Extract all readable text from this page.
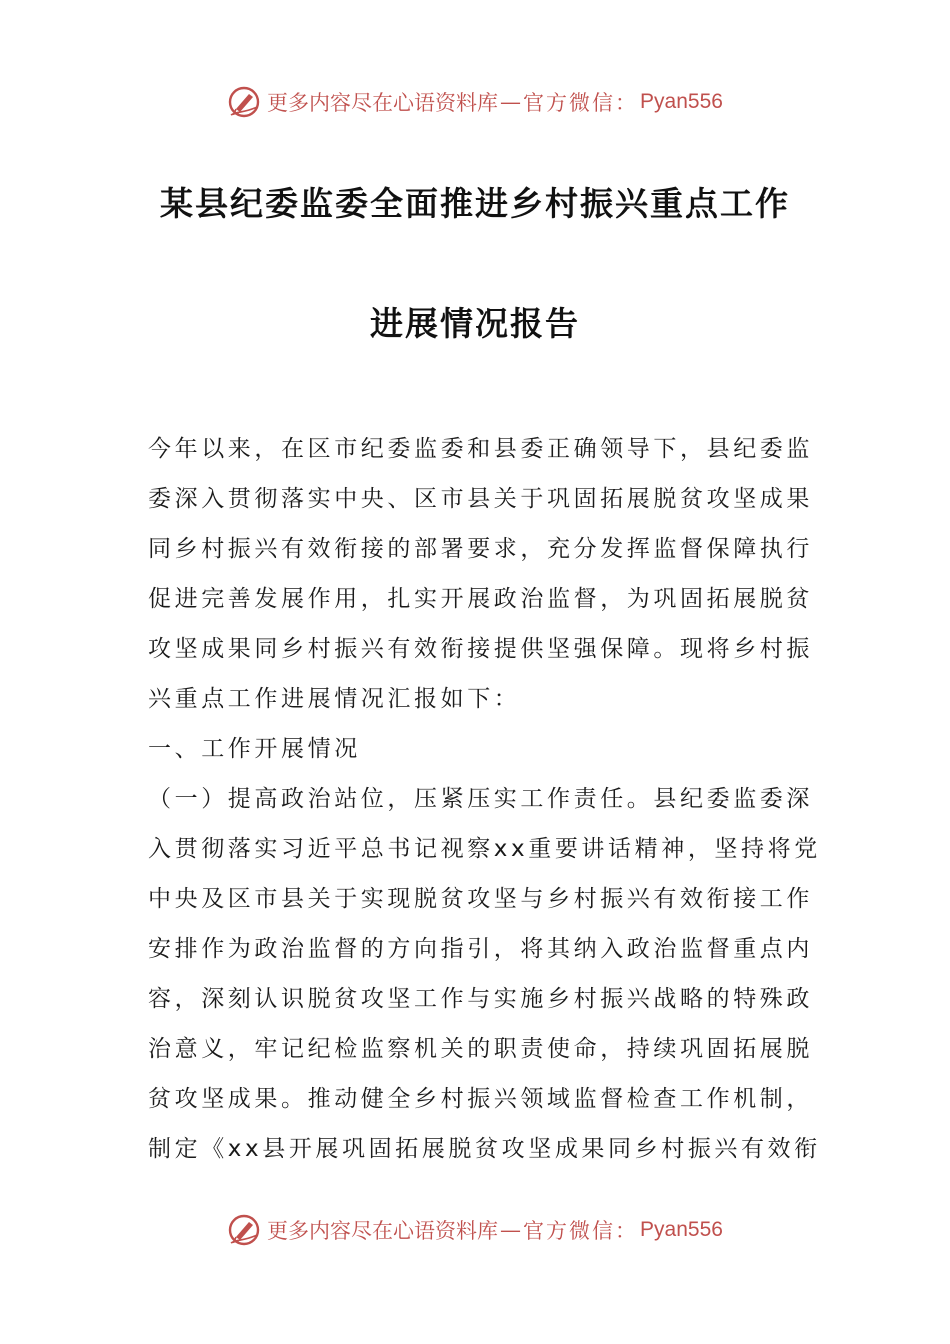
更多内容尽在心语资料库 — 官方微信： Pyan556
某县纪委监委全面推进乡村振兴重点工作
进展情况报告
今年以来，在区市纪委监委和县委正确领导下，县纪委监
委深入贯彻落实中央、区市县关于巩固拓展脱贫攻坚成果
同乡村振兴有效衔接的部署要求，充分发挥监督保障执行
促进完善发展作用，扎实开展政治监督，为巩固拓展脱贫
攻坚成果同乡村振兴有效衔接提供坚强保障。现将乡村振
兴重点工作进展情况汇报如下：
一、工作开展情况
（一）提高政治站位，压紧压实工作责任。县纪委监委深
入贯彻落实习近平总书记视察xx重要讲话精神，坚持将党
中央及区市县关于实现脱贫攻坚与乡村振兴有效衔接工作
安排作为政治监督的方向指引，将其纳入政治监督重点内
容，深刻认识脱贫攻坚工作与实施乡村振兴战略的特殊政
治意义，牢记纪检监察机关的职责使命，持续巩固拓展脱
贫攻坚成果。推动健全乡村振兴领域监督检查工作机制，
制定《xx县开展巩固拓展脱贫攻坚成果同乡村振兴有效衔
更多内容尽在心语资料库 — 官方微信： Pyan556
